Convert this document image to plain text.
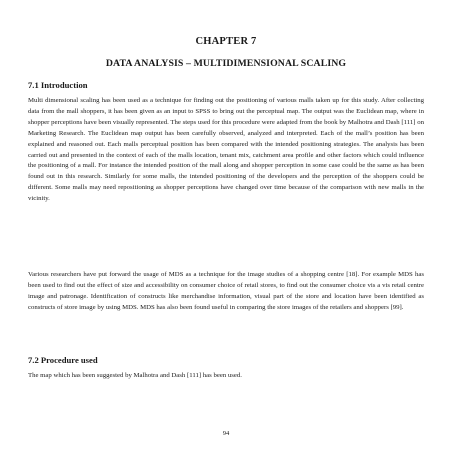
CHAPTER 7
DATA ANALYSIS – MULTIDIMENSIONAL SCALING
7.1 Introduction
Multi dimensional scaling has been used as a technique for finding out the positioning of various malls taken up for this study. After collecting data from the mall shoppers, it has been given as an input to SPSS to bring out the perceptual map. The output was the Euclidean map, where in shopper perceptions have been visually represented. The steps used for this procedure were adapted from the book by Malhotra and Dash [111] on Marketing Research. The Euclidean map output has been carefully observed, analyzed and interpreted. Each of the mall’s position has been explained and reasoned out. Each malls perceptual position has been compared with the intended positioning strategies. The analysis has been carried out and presented in the context of each of the malls location, tenant mix, catchment area profile and other factors which could influence the positioning of a mall. For instance the intended position of the mall along and shopper perception in some case could be the same as has been found out in this research. Similarly for some malls, the intended positioning of the developers and the perception of the shoppers could be different. Some malls may need repositioning as shopper perceptions have changed over time because of the comparison with new malls in the vicinity.
Various researchers have put forward the usage of MDS as a technique for the image studies of a shopping centre [18]. For example MDS has been used to find out the effect of size and accessibility on consumer choice of retail stores, to find out the consumer choice vis a vis retail centre image and patronage. Identification of constructs like merchandise information, visual part of the store and location have been identified as constructs of store image by using MDS. MDS has also been found useful in comparing the store images of the retailers and shoppers [99].
7.2 Procedure used
The map which has been suggested by Malhotra and Dash [111] has been used.
94
